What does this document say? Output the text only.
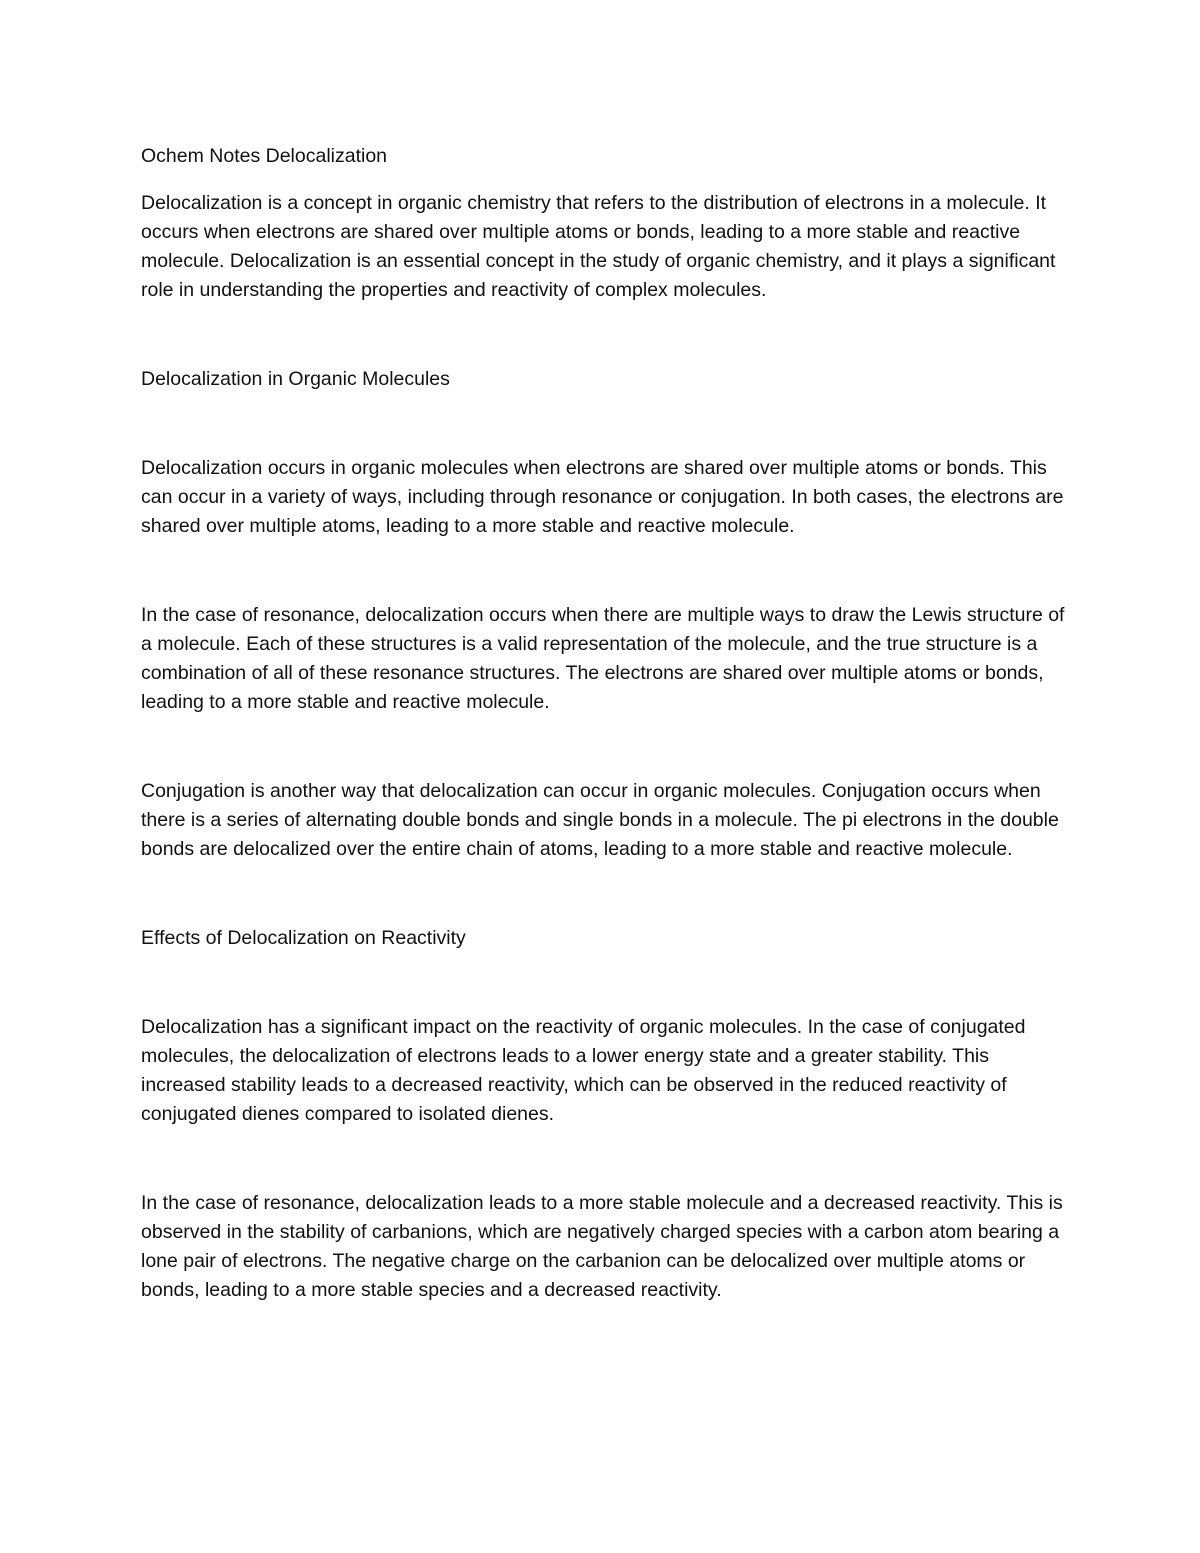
Ochem Notes Delocalization

Delocalization is a concept in organic chemistry that refers to the distribution of electrons in a molecule. It occurs when electrons are shared over multiple atoms or bonds, leading to a more stable and reactive molecule. Delocalization is an essential concept in the study of organic chemistry, and it plays a significant role in understanding the properties and reactivity of complex molecules.

Delocalization in Organic Molecules

Delocalization occurs in organic molecules when electrons are shared over multiple atoms or bonds. This can occur in a variety of ways, including through resonance or conjugation. In both cases, the electrons are shared over multiple atoms, leading to a more stable and reactive molecule.

In the case of resonance, delocalization occurs when there are multiple ways to draw the Lewis structure of a molecule. Each of these structures is a valid representation of the molecule, and the true structure is a combination of all of these resonance structures. The electrons are shared over multiple atoms or bonds, leading to a more stable and reactive molecule.

Conjugation is another way that delocalization can occur in organic molecules. Conjugation occurs when there is a series of alternating double bonds and single bonds in a molecule. The pi electrons in the double bonds are delocalized over the entire chain of atoms, leading to a more stable and reactive molecule.

Effects of Delocalization on Reactivity

Delocalization has a significant impact on the reactivity of organic molecules. In the case of conjugated molecules, the delocalization of electrons leads to a lower energy state and a greater stability. This increased stability leads to a decreased reactivity, which can be observed in the reduced reactivity of conjugated dienes compared to isolated dienes.

In the case of resonance, delocalization leads to a more stable molecule and a decreased reactivity. This is observed in the stability of carbanions, which are negatively charged species with a carbon atom bearing a lone pair of electrons. The negative charge on the carbanion can be delocalized over multiple atoms or bonds, leading to a more stable species and a decreased reactivity.
